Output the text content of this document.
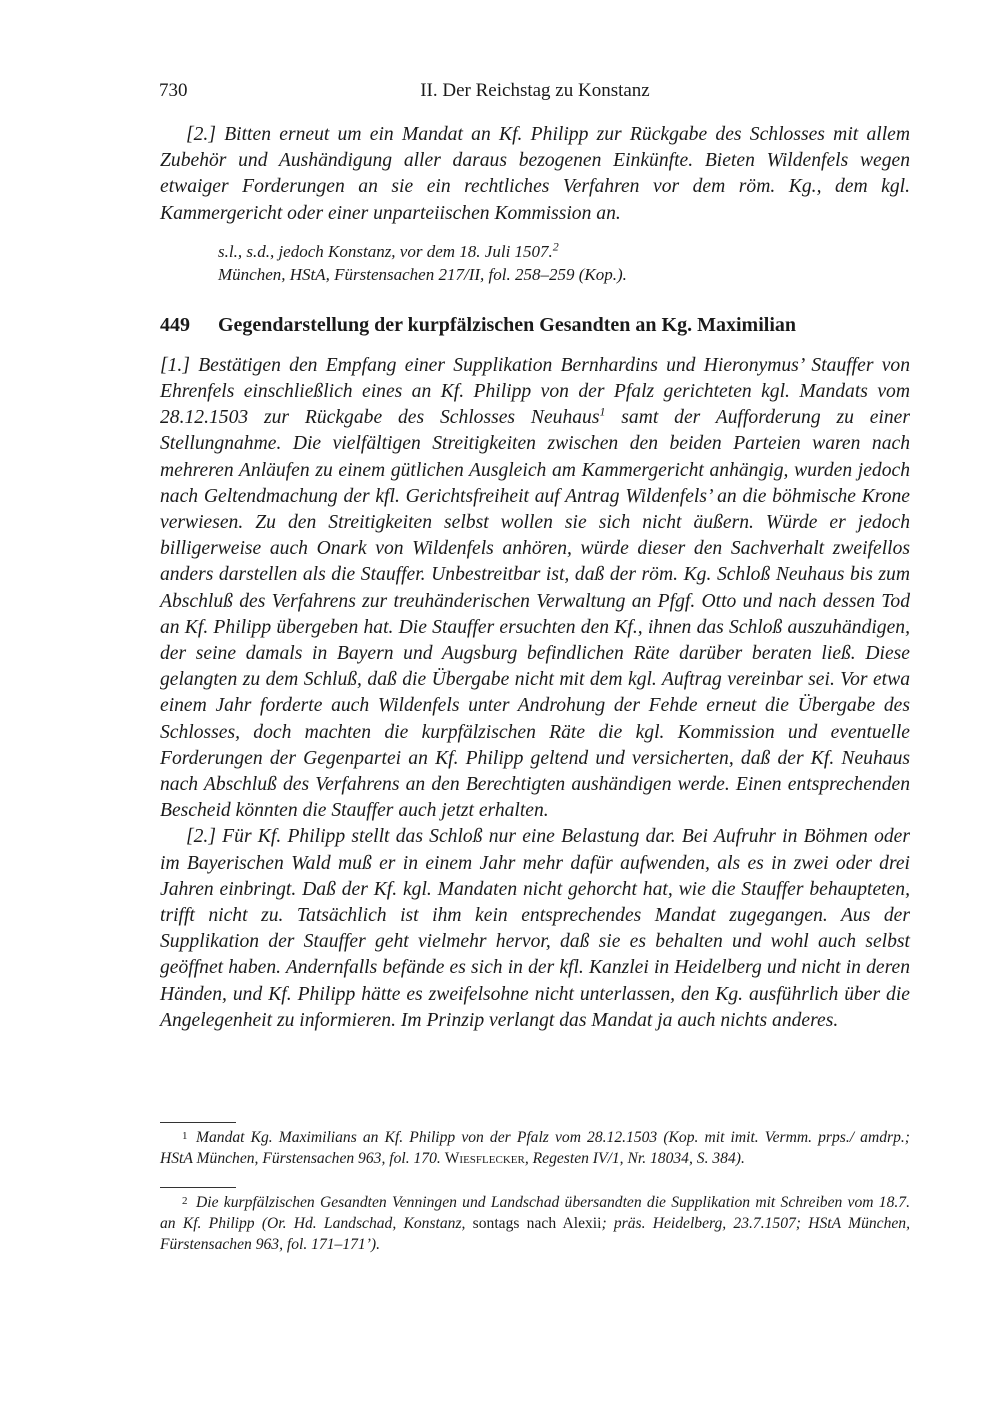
730	II. Der Reichstag zu Konstanz

[2.] Bitten erneut um ein Mandat an Kf. Philipp zur Rückgabe des Schlosses mit allem Zubehör und Aushändigung aller daraus bezogenen Einkünfte. Bieten Wildenfels wegen etwaiger Forderungen an sie ein rechtliches Verfahren vor dem röm. Kg., dem kgl. Kammergericht oder einer unparteiischen Kommission an.

s.l., s.d., jedoch Konstanz, vor dem 18. Juli 1507.$^2$
München, HStA, Fürstensachen 217/II, fol. 258–259 (Kop.).
449 Gegendarstellung der kurpfälzischen Gesandten an Kg. Maximilian

[1.] Bestätigen den Empfang einer Supplikation Bernhardins und Hieronymus’ Stauffer von Ehrenfels einschließlich eines an Kf. Philipp von der Pfalz gerichteten kgl. Mandats vom 28.12.1503 zur Rückgabe des Schlosses Neuhaus$^1$ samt der Aufforderung zu einer Stellungnahme. Die vielfältigen Streitigkeiten zwischen den beiden Parteien waren nach mehreren Anläufen zu einem gütlichen Ausgleich am Kammergericht anhängig, wurden jedoch nach Geltendmachung der kfl. Gerichtsfreiheit auf Antrag Wildenfels’ an die böhmische Krone verwiesen. Zu den Streitigkeiten selbst wollen sie sich nicht äußern. Würde er jedoch billigerweise auch Onark von Wildenfels anhören, würde dieser den Sachverhalt zweifellos anders darstellen als die Stauffer. Unbestreitbar ist, daß der röm. Kg. Schloß Neuhaus bis zum Abschluß des Verfahrens zur treuhänderischen Verwaltung an Pfgf. Otto und nach dessen Tod an Kf. Philipp übergeben hat. Die Stauffer ersuchten den Kf., ihnen das Schloß auszuhändigen, der seine damals in Bayern und Augsburg befindlichen Räte darüber beraten ließ. Diese gelangten zu dem Schluß, daß die Übergabe nicht mit dem kgl. Auftrag vereinbar sei. Vor etwa einem Jahr forderte auch Wildenfels unter Androhung der Fehde erneut die Übergabe des Schlosses, doch machten die kurpfälzischen Räte die kgl. Kommission und eventuelle Forderungen der Gegenpartei an Kf. Philipp geltend und versicherten, daß der Kf. Neuhaus nach Abschluß des Verfahrens an den Berechtigten aushändigen werde. Einen entsprechenden Bescheid könnten die Stauffer auch jetzt erhalten.

[2.] Für Kf. Philipp stellt das Schloß nur eine Belastung dar. Bei Aufruhr in Böhmen oder im Bayerischen Wald muß er in einem Jahr mehr dafür aufwenden, als es in zwei oder drei Jahren einbringt. Daß der Kf. kgl. Mandaten nicht gehorcht hat, wie die Stauffer behaupteten, trifft nicht zu. Tatsächlich ist ihm kein entsprechendes Mandat zugegangen. Aus der Supplikation der Stauffer geht vielmehr hervor, daß sie es behalten und wohl auch selbst geöffnet haben. Andernfalls befände es sich in der kfl. Kanzlei in Heidelberg und nicht in deren Händen, und Kf. Philipp hätte es zweifelsohne nicht unterlassen, den Kg. ausführlich über die Angelegenheit zu informieren. Im Prinzip verlangt das Mandat ja auch nichts anderes.

1 Mandat Kg. Maximilians an Kf. Philipp von der Pfalz vom 28.12.1503 (Kop. mit imit. Vermm. prps./ amdrp.; HStA München, Fürstensachen 963, fol. 170. Wiesflecker, Regesten IV/1, Nr. 18034, S. 384).

2 Die kurpfälzischen Gesandten Venningen und Landschad übersandten die Supplikation mit Schreiben vom 18.7. an Kf. Philipp (Or. Hd. Landschad, Konstanz, sontags nach Alexii; präs. Heidelberg, 23.7.1507; HStA München, Fürstensachen 963, fol. 171–171’).
